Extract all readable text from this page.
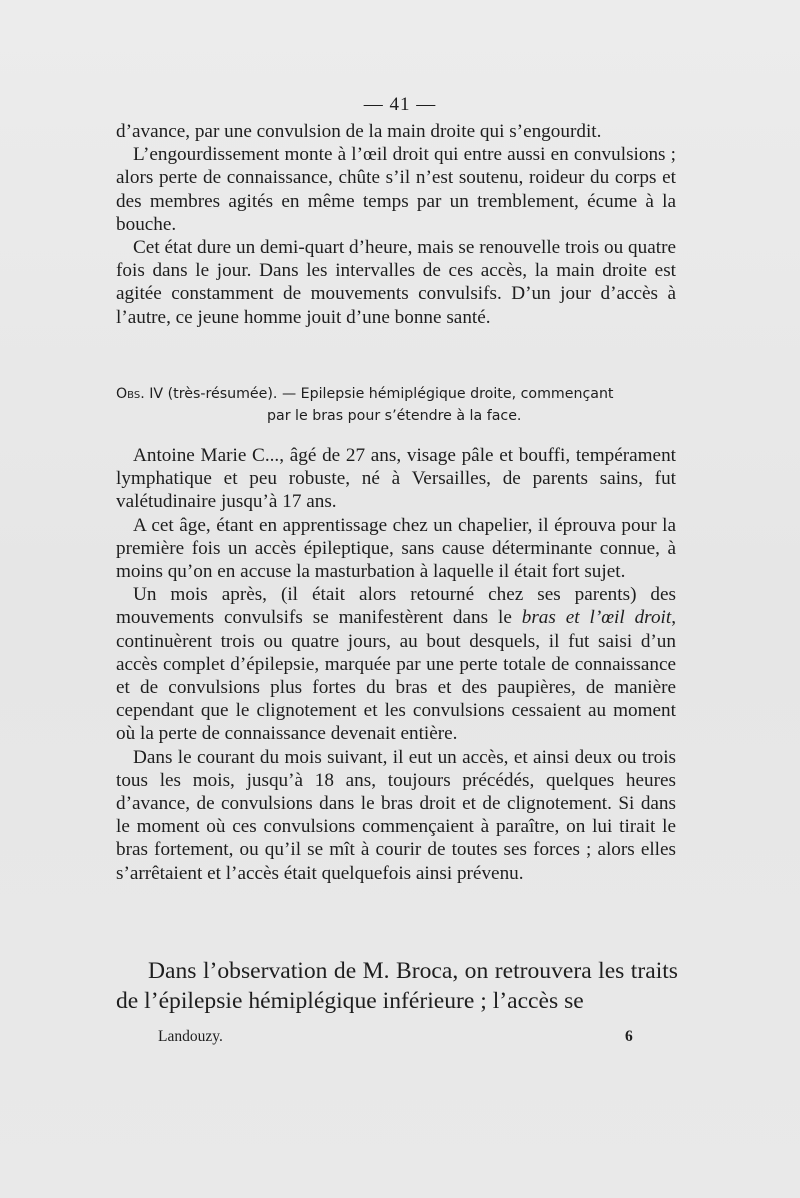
— 41 —

d’avance, par une convulsion de la main droite qui s’engourdit.

L’engourdissement monte à l’œil droit qui entre aussi en convulsions ; alors perte de connaissance, chûte s’il n’est soutenu, roideur du corps et des membres agités en même temps par un tremblement, écume à la bouche.

Cet état dure un demi-quart d’heure, mais se renouvelle trois ou quatre fois dans le jour. Dans les intervalles de ces accès, la main droite est agitée constamment de mouvements convulsifs. D’un jour d’accès à l’autre, ce jeune homme jouit d’une bonne santé.

Obs. IV (très-résumée). — Epilepsie hémiplégique droite, commençant
par le bras pour s’étendre à la face.

Antoine Marie C..., âgé de 27 ans, visage pâle et bouffi, tempérament lymphatique et peu robuste, né à Versailles, de parents sains, fut valétudinaire jusqu’à 17 ans.

A cet âge, étant en apprentissage chez un chapelier, il éprouva pour la première fois un accès épileptique, sans cause déterminante connue, à moins qu’on en accuse la masturbation à laquelle il était fort sujet.

Un mois après, (il était alors retourné chez ses parents) des mouvements convulsifs se manifestèrent dans le bras et l’œil droit, continuèrent trois ou quatre jours, au bout desquels, il fut saisi d’un accès complet d’épilepsie, marquée par une perte totale de connaissance et de convulsions plus fortes du bras et des paupières, de manière cependant que le clignotement et les convulsions cessaient au moment où la perte de connaissance devenait entière.

Dans le courant du mois suivant, il eut un accès, et ainsi deux ou trois tous les mois, jusqu’à 18 ans, toujours précédés, quelques heures d’avance, de convulsions dans le bras droit et de clignotement. Si dans le moment où ces convulsions commençaient à paraître, on lui tirait le bras fortement, ou qu’il se mît à courir de toutes ses forces ; alors elles s’arrêtaient et l’accès était quelquefois ainsi prévenu.

Dans l’observation de M. Broca, on retrouvera les traits de l’épilepsie hémiplégique inférieure ; l’accès se

Landouzy.	6
